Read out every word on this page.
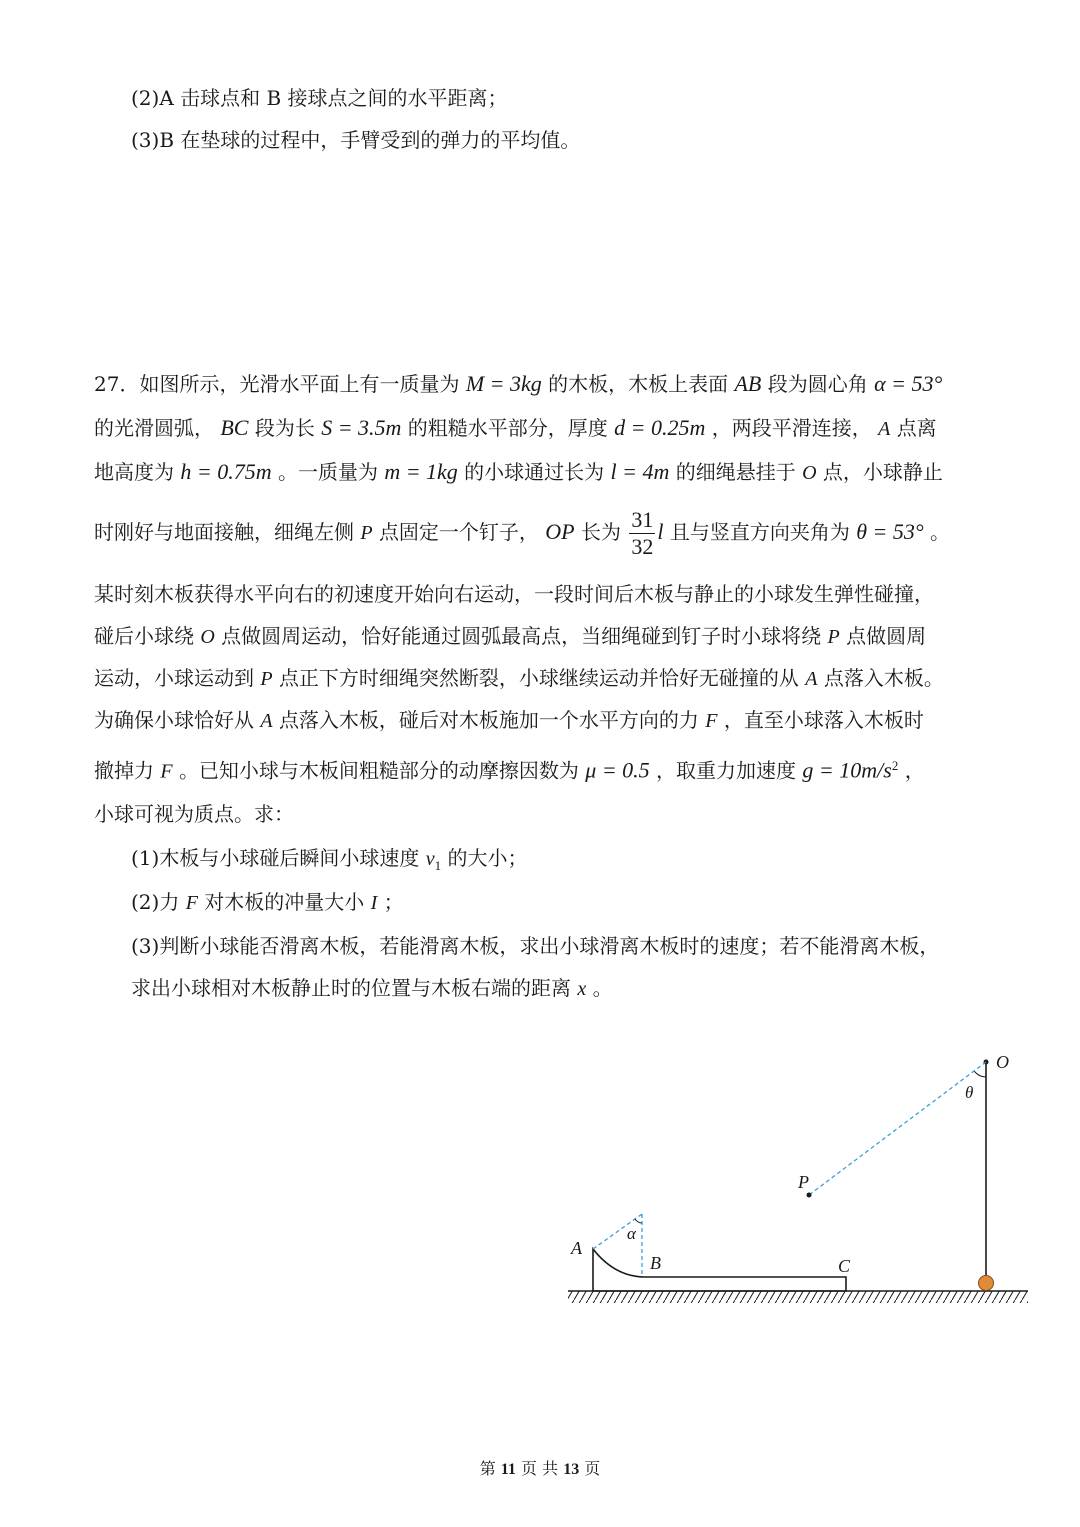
(2)A 击球点和 B 接球点之间的水平距离；
(3)B 在垫球的过程中，手臂受到的弹力的平均值。
27．如图所示，光滑水平面上有一质量为 M = 3kg 的木板，木板上表面 AB 段为圆心角 α = 53°
的光滑圆弧， BC 段为长 S = 3.5m 的粗糙水平部分，厚度 d = 0.25m ，两段平滑连接， A 点离
地高度为 h = 0.75m 。一质量为 m = 1kg 的小球通过长为 l = 4m 的细绳悬挂于 O 点，小球静止
时刚好与地面接触，细绳左侧 P 点固定一个钉子， OP 长为 $\frac{31}{32}$ l 且与竖直方向夹角为 θ = 53° 。
某时刻木板获得水平向右的初速度开始向右运动，一段时间后木板与静止的小球发生弹性碰撞，
碰后小球绕 O 点做圆周运动，恰好能通过圆弧最高点，当细绳碰到钉子时小球将绕 P 点做圆周
运动，小球运动到 P 点正下方时细绳突然断裂，小球继续运动并恰好无碰撞的从 A 点落入木板。
为确保小球恰好从 A 点落入木板，碰后对木板施加一个水平方向的力 F ，直至小球落入木板时
撤掉力 F 。已知小球与木板间粗糙部分的动摩擦因数为 μ = 0.5 ，取重力加速度 $g = 10m/s^2$ ，
小球可视为质点。求：
(1)木板与小球碰后瞬间小球速度 $v_1$ 的大小；
(2)力 F 对木板的冲量大小 I ；
(3)判断小球能否滑离木板，若能滑离木板，求出小球滑离木板时的速度；若不能滑离木板，
求出小球相对木板静止时的位置与木板右端的距离 x 。
O
θ
P
A
α
B	C
第 11 页 共 13 页
